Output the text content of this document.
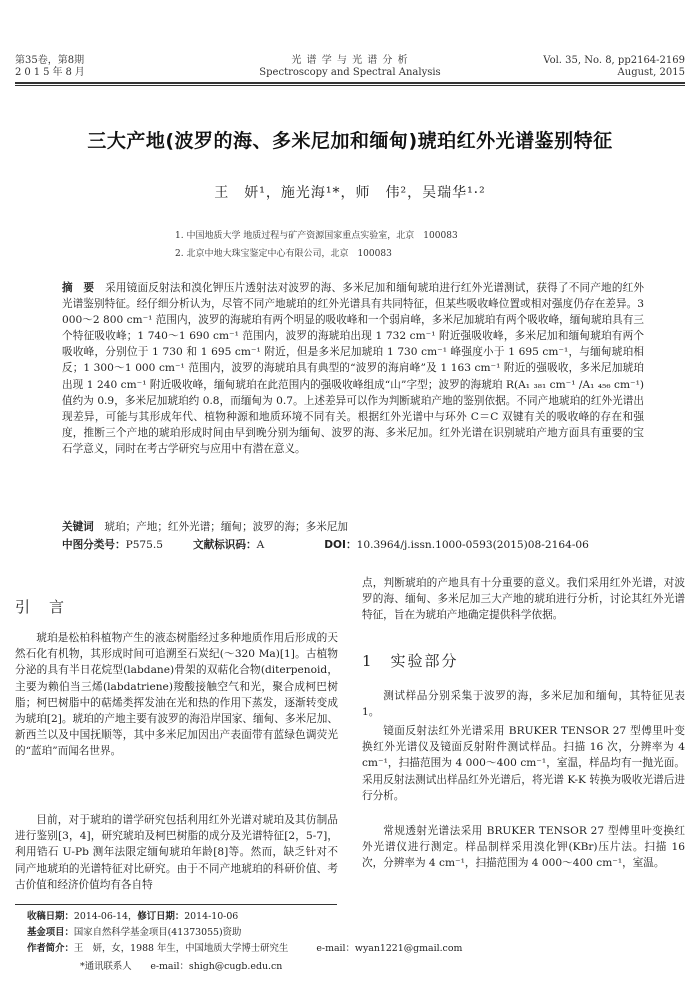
第35卷，第8期
2015年8月
光 谱 学 与 光 谱 分 析
Spectroscopy and Spectral Analysis
Vol. 35, No. 8, pp2164-2169
August, 2015
三大产地(波罗的海、多米尼加和缅甸)琥珀红外光谱鉴别特征
王　妍¹，施光海¹*，师　伟²，吴瑞华¹·²
1. 中国地质大学 地质过程与矿产资源国家重点实验室，北京　100083
2. 北京中地大珠宝鉴定中心有限公司，北京　100083
摘　要　 采用镜面反射法和溴化钾压片透射法对波罗的海、多米尼加和缅甸琥珀进行红外光谱测试，获得了不同产地的红外光谱鉴别特征。经仔细分析认为，尽管不同产地琥珀的红外光谱具有共同特征，但某些吸收峰位置或相对强度仍存在差异。3 000～2 800 cm⁻¹ 范围内，波罗的海琥珀有两个明显的吸收峰和一个弱肩峰，多米尼加琥珀有两个吸收峰，缅甸琥珀具有三个特征吸收峰；1 740～1 690 cm⁻¹ 范围内，波罗的海琥珀出现 1 732 cm⁻¹ 附近强吸收峰，多米尼加和缅甸琥珀有两个吸收峰，分别位于 1 730 和 1 695 cm⁻¹ 附近，但是多米尼加琥珀 1 730 cm⁻¹ 峰强度小于 1 695 cm⁻¹，与缅甸琥珀相反；1 300～1 000 cm⁻¹ 范围内，波罗的海琥珀具有典型的“波罗的海肩峰”及 1 163 cm⁻¹ 附近的强吸收，多米尼加琥珀出现 1 240 cm⁻¹ 附近吸收峰，缅甸琥珀在此范围内的强吸收峰组成“山”字型；波罗的海琥珀 R(A₁ ₃₈₁ cm⁻¹ /A₁ ₄₅₆ cm⁻¹)值约为 0.9，多米尼加琥珀约 0.8，而缅甸为 0.7。上述差异可以作为判断琥珀产地的鉴别依据。不同产地琥珀的红外光谱出现差异，可能与其形成年代、植物种源和地质环境不同有关。根据红外光谱中与环外 C＝C 双键有关的吸收峰的存在和强度，推断三个产地的琥珀形成时间由早到晚分别为缅甸、波罗的海、多米尼加。红外光谱在识别琥珀产地方面具有重要的宝石学意义，同时在考古学研究与应用中有潜在意义。
关键词　 琥珀；产地；红外光谱；缅甸；波罗的海；多米尼加
中图分类号：P575.5	文献标识码：A	DOI：10.3964/j.issn.1000-0593(2015)08-2164-06
引　言
琥珀是松柏科植物产生的液态树脂经过多种地质作用后形成的天然石化有机物，其形成时间可追溯至石炭纪(～320 Ma)[1]。古植物分泌的具有半日花烷型(labdane)骨架的双萜化合物(diterpenoid，主要为赖伯当三烯(labdatriene)羧酸接触空气和光，聚合成柯巴树脂；柯巴树脂中的萜烯类挥发油在光和热的作用下蒸发，逐渐转变成为琥珀[2]。琥珀的产地主要有波罗的海沿岸国家、缅甸、多米尼加、新西兰以及中国抚顺等，其中多米尼加因出产表面带有蓝绿色调荧光的“蓝珀”而闻名世界。
目前，对于琥珀的谱学研究包括利用红外光谱对琥珀及其仿制品进行鉴别[3，4]，研究琥珀及柯巴树脂的成分及光谱特征[2，5-7]，利用锆石 U-Pb 测年法限定缅甸琥珀年龄[8]等。然而，缺乏针对不同产地琥珀的光谱特征对比研究。由于不同产地琥珀的科研价值、考古价值和经济价值均有各自特
点，判断琥珀的产地具有十分重要的意义。我们采用红外光谱，对波罗的海、缅甸、多米尼加三大产地的琥珀进行分析，讨论其红外光谱特征，旨在为琥珀产地确定提供科学依据。
1　实验部分
测试样品分别采集于波罗的海，多米尼加和缅甸，其特征见表 1。
镜面反射法红外光谱采用 BRUKER TENSOR 27 型傅里叶变换红外光谱仪及镜面反射附件测试样品。扫描 16 次，分辨率为 4 cm⁻¹，扫描范围为 4 000～400 cm⁻¹，室温，样品均有一抛光面。采用反射法测试出样品红外光谱后，将光谱 K-K 转换为吸收光谱后进行分析。
常规透射光谱法采用 BRUKER TENSOR 27 型傅里叶变换红外光谱仪进行测定。样品制样采用溴化钾(KBr)压片法。扫描 16 次，分辨率为 4 cm⁻¹，扫描范围为 4 000～400 cm⁻¹，室温。
收稿日期：2014-06-14，修订日期：2014-10-06
基金项目：国家自然科学基金项目(41373055)资助
作者简介：王　妍，女，1988 年生，中国地质大学博士研究生　　　e-mail：wyan1221@gmail.com
*通讯联系人　　e-mail：shigh@cugb.edu.cn
